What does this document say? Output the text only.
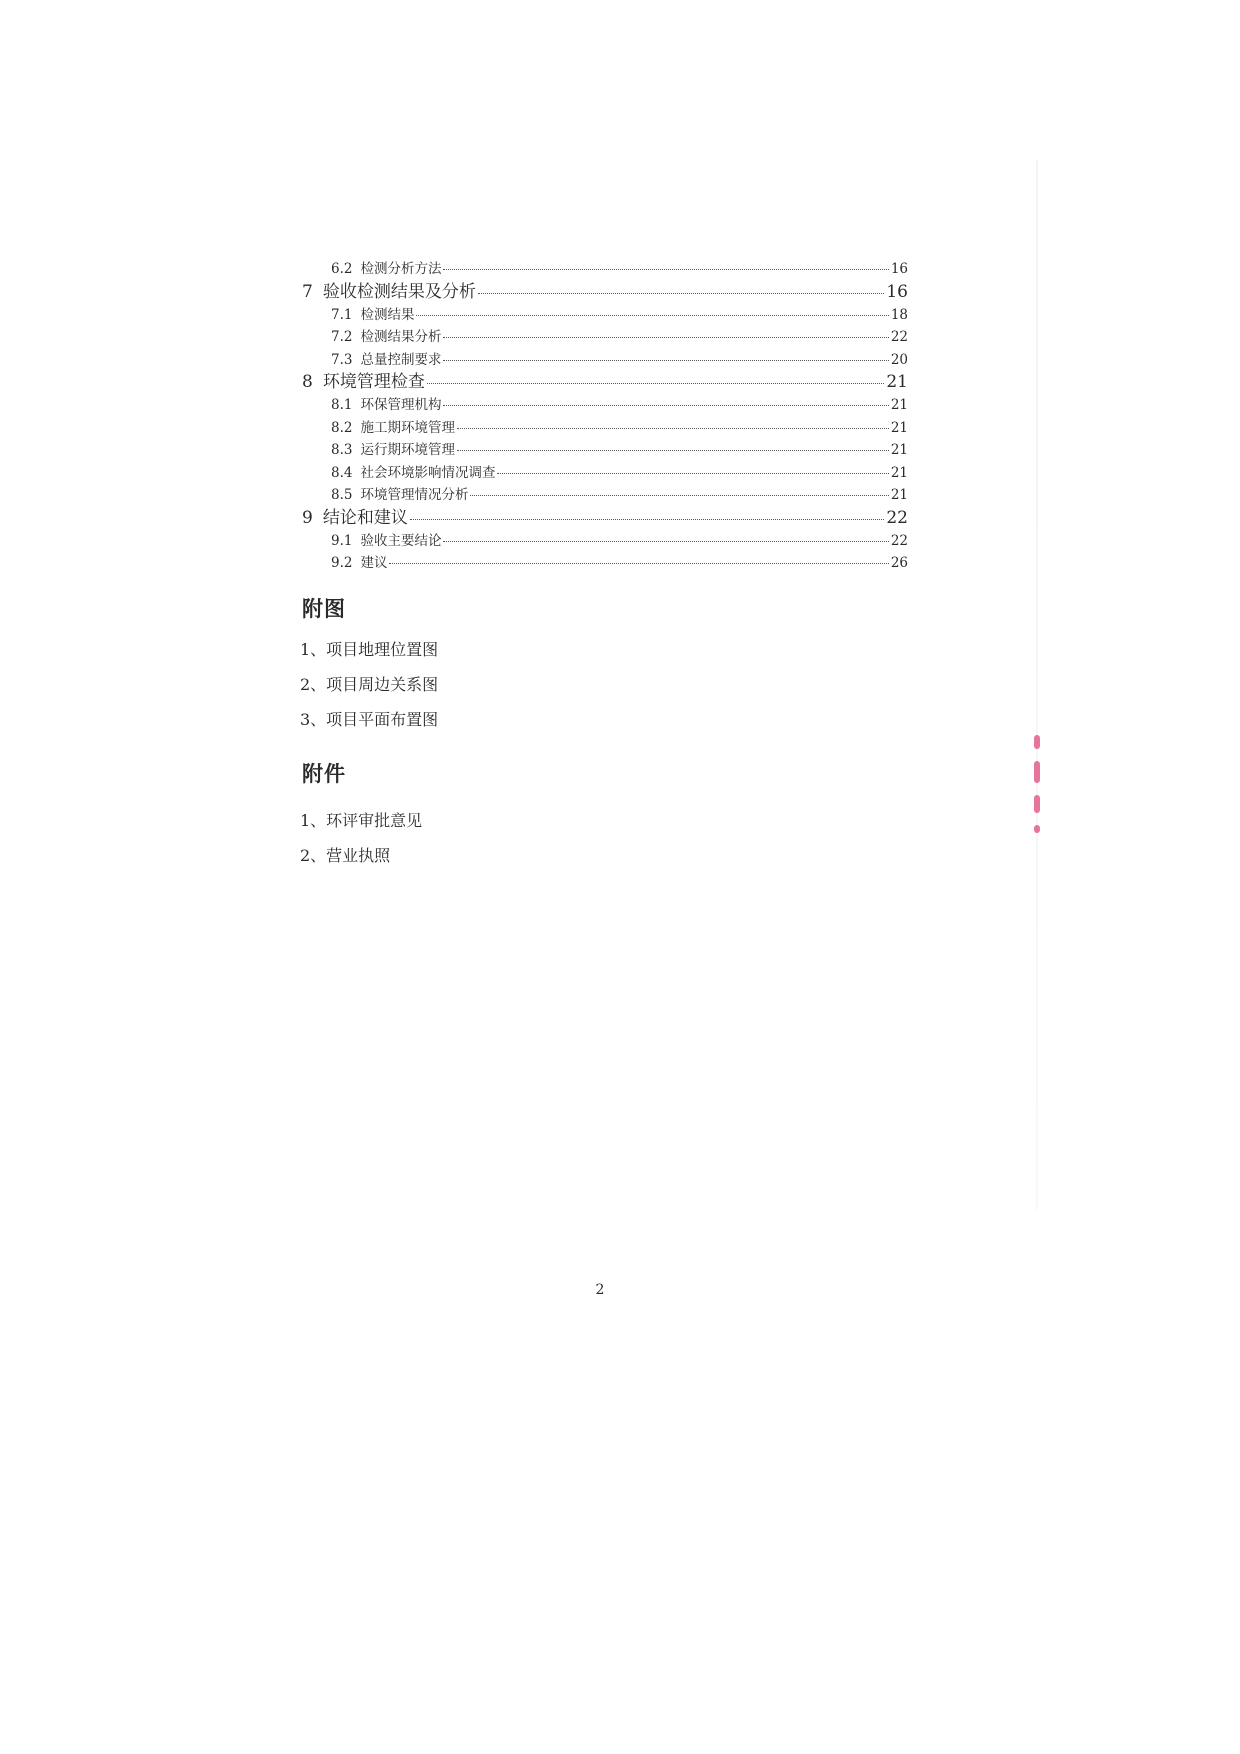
6.2 检测分析方法	16
7 验收检测结果及分析	16
7.1 检测结果	18
7.2 检测结果分析	22
7.3 总量控制要求	20
8 环境管理检查	21
8.1 环保管理机构	21
8.2 施工期环境管理	21
8.3 运行期环境管理	21
8.4 社会环境影响情况调查	21
8.5 环境管理情况分析	21
9 结论和建议	22
9.1 验收主要结论	22
9.2 建议	26
附图
1、项目地理位置图
2、项目周边关系图
3、项目平面布置图
附件
1、环评审批意见
2、营业执照
2
